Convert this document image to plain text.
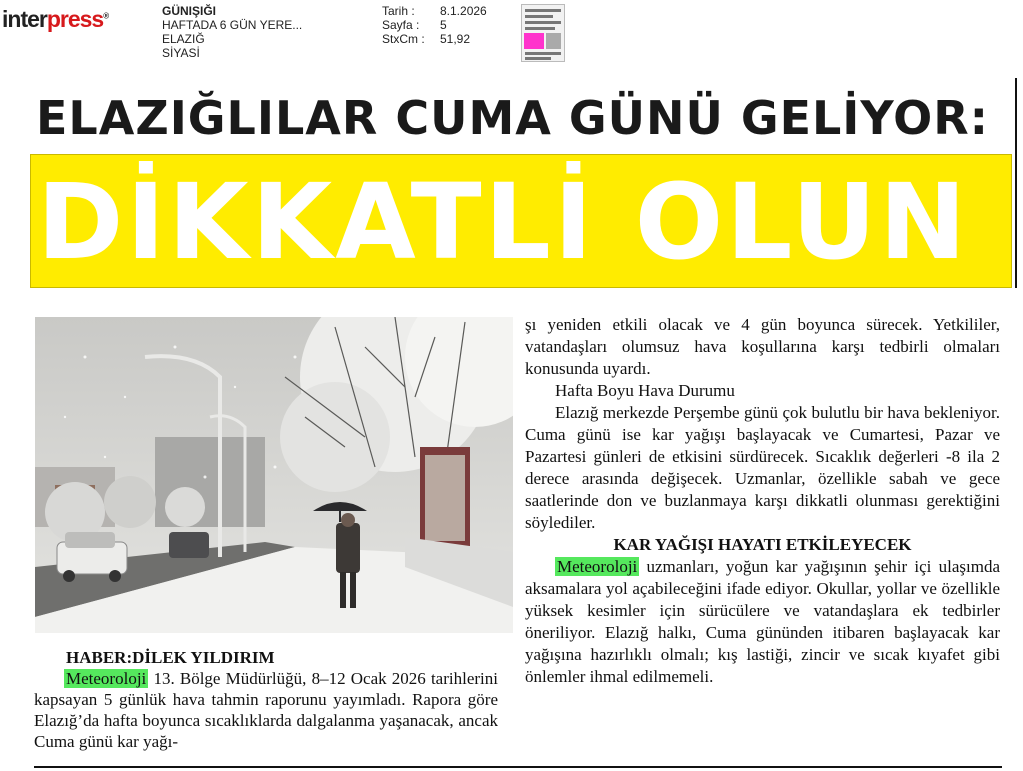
interpress®	GÜNIŞIĞI
HAFTADA 6 GÜN YERE...
ELAZIĞ
SİYASİ
Tarih :	8.1.2026
Sayfa :	5
StxCm :	51,92
ELAZIĞLILAR CUMA GÜNÜ GELİYOR:
DİKKATLİ OLUN
HABER:DİLEK YILDIRIM

Meteoroloji 13. Bölge Müdürlüğü, 8–12 Ocak 2026 tarihlerini kapsayan 5 günlük hava tahmin raporunu yayımladı. Rapora göre Elazığ’da hafta boyunca sıcaklıklarda dalgalanma yaşanacak, ancak Cuma günü kar yağı-

şı yeniden etkili olacak ve 4 gün boyunca sürecek. Yetkililer, vatandaşları olumsuz hava koşullarına karşı tedbirli olmaları konusunda uyardı.

Hafta Boyu Hava Durumu

Elazığ merkezde Perşembe günü çok bulutlu bir hava bekleniyor. Cuma günü ise kar yağışı başlayacak ve Cumartesi, Pazar ve Pazartesi günleri de etkisini sürdürecek. Sıcaklık değerleri -8 ila 2 derece arasında değişecek. Uzmanlar, özellikle sabah ve gece saatlerinde don ve buzlanmaya karşı dikkatli olunması gerektiğini söylediler.

KAR YAĞIŞI HAYATI ETKİLEYECEK

Meteoroloji uzmanları, yoğun kar yağışının şehir içi ulaşımda aksamalara yol açabileceğini ifade ediyor. Okullar, yollar ve özellikle yüksek kesimler için sürücülere ve vatandaşlara ek tedbirler öneriliyor. Elazığ halkı, Cuma gününden itibaren başlayacak kar yağışına hazırlıklı olmalı; kış lastiği, zincir ve sıcak kıyafet gibi önlemler ihmal edilmemeli.
